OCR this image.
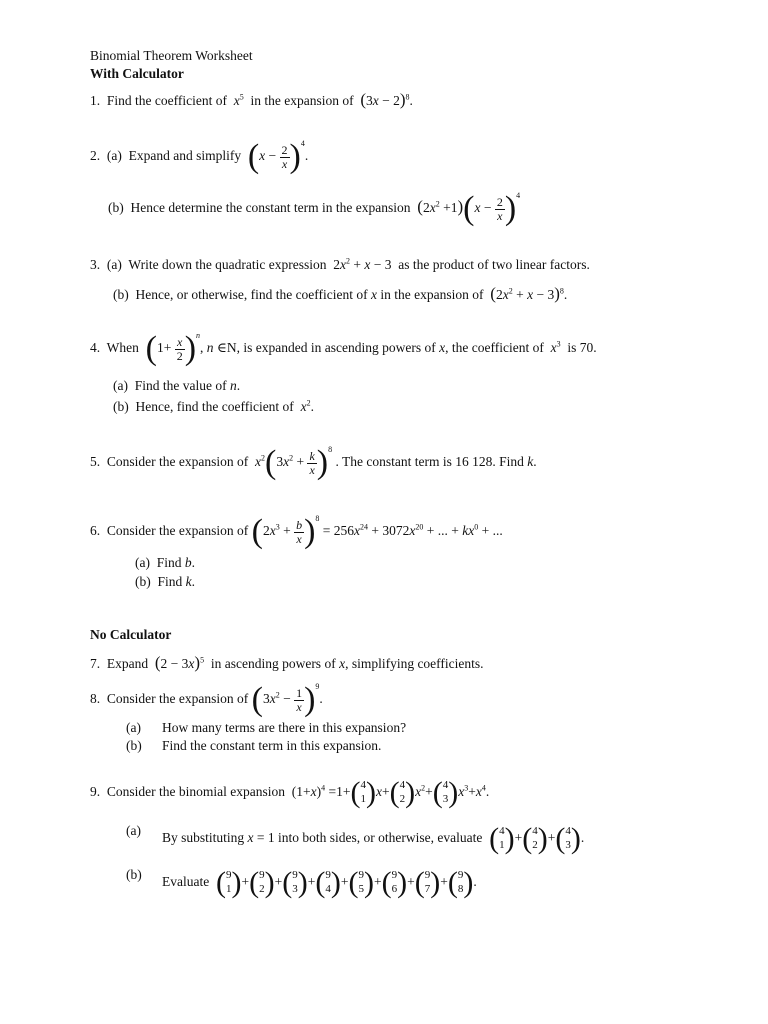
Binomial Theorem Worksheet
With Calculator
1. Find the coefficient of $x^5$ in the expansion of $(3x - 2)^8$.
2. (a) Expand and simplify $(x - \frac{2}{x} )^4$.
(b) Hence determine the constant term in the expansion $(2x^2 +1)(x - \frac{2}{x} )^4$
3. (a) Write down the quadratic expression  $2x^2 + x - 3$  as the product of two linear factors.
(b) Hence, or otherwise, find the coefficient of x in the expansion of $(2x^2 + x - 3)^8$.
4. When $(1+ \frac{x}{2} )^n$, n ∈N, is expanded in ascending powers of x, the coefficient of $x^3$ is 70.
(a) Find the value of n.
(b) Hence, find the coefficient of $x^2$.
5. Consider the expansion of $x^2(3x^2 + \frac{k}{x} )^8$ . The constant term is 16 128. Find k.
6. Consider the expansion of $(2x^3 + \frac{b}{x} )^8 = 256x^{24} + 3072x^{20}$ + ... + $kx^0$ + ...
(a) Find b.
(b) Find k.
No Calculator
7. Expand $(2 - 3x)^5$ in ascending powers of x, simplifying coefficients.
8. Consider the expansion of $(3x^2 - \frac{1}{x} )^9$.
(a) How many terms are there in this expansion?
(b) Find the constant term in this expansion.
9. Consider the binomial expansion  $(1+x)^4 =1+$( 4
1 )x+( 4
2 )$x^2+$( 4
3 )$x^3+x^4$.
(a) By substituting x = 1 into both sides, or otherwise, evaluate ( 4
1 )+( 4
2 )+( 4
3 ).
(b) Evaluate ( 9
1 )+( 9
2 )+( 9
3 )+( 9
4 )+( 9
5 )+( 9
6 )+( 9
7 )+( 9
8 ).
